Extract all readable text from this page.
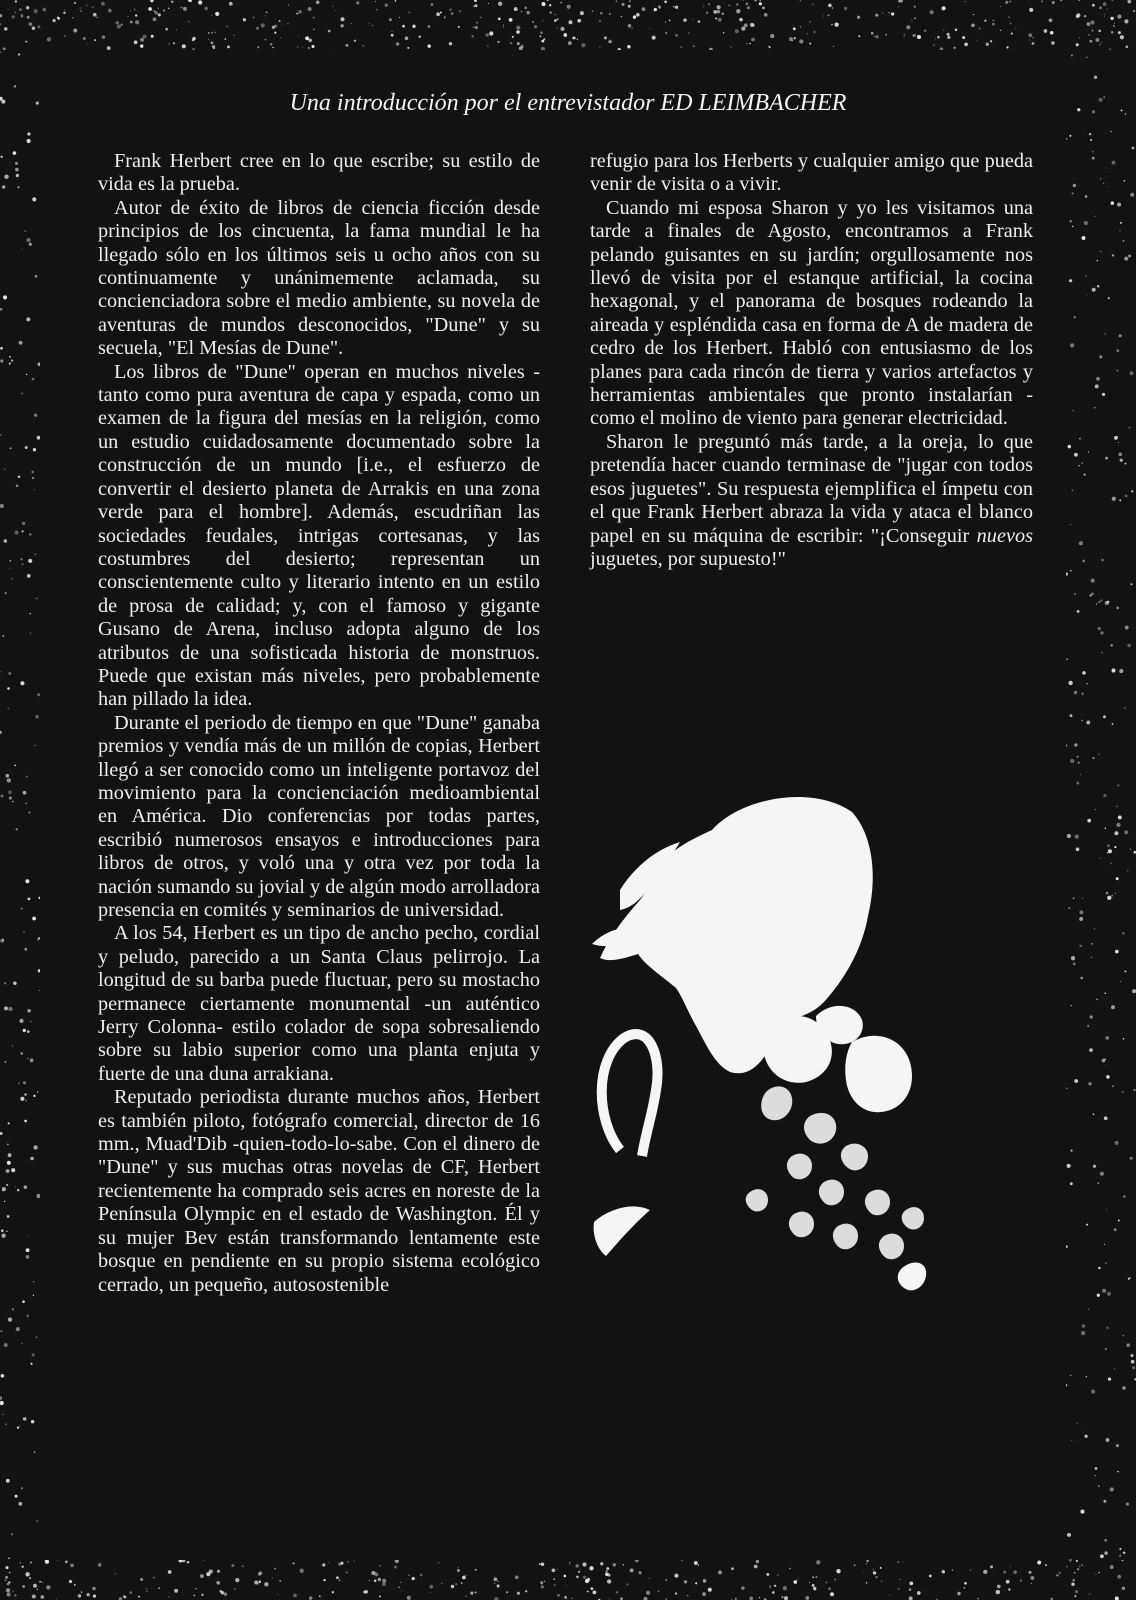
Una introducción por el entrevistador ED LEIMBACHER

Frank Herbert cree en lo que escribe; su estilo de vida es la prueba.

Autor de éxito de libros de ciencia ficción desde principios de los cincuenta, la fama mundial le ha llegado sólo en los últimos seis u ocho años con su continuamente y unánimemente aclamada, su concienciadora sobre el medio ambiente, su novela de aventuras de mundos desconocidos, "Dune" y su secuela, "El Mesías de Dune".

Los libros de "Dune" operan en muchos niveles -tanto como pura aventura de capa y espada, como un examen de la figura del mesías en la religión, como un estudio cuidadosamente documentado sobre la construcción de un mundo [i.e., el esfuerzo de convertir el desierto planeta de Arrakis en una zona verde para el hombre]. Además, escudriñan las sociedades feudales, intrigas cortesanas, y las costumbres del desierto; representan un conscientemente culto y literario intento en un estilo de prosa de calidad; y, con el famoso y gigante Gusano de Arena, incluso adopta alguno de los atributos de una sofisticada historia de monstruos. Puede que existan más niveles, pero probablemente han pillado la idea.

Durante el periodo de tiempo en que "Dune" ganaba premios y vendía más de un millón de copias, Herbert llegó a ser conocido como un inteligente portavoz del movimiento para la concienciación medioambiental en América. Dio conferencias por todas partes, escribió numerosos ensayos e introducciones para libros de otros, y voló una y otra vez por toda la nación sumando su jovial y de algún modo arrolladora presencia en comités y seminarios de universidad.

A los 54, Herbert es un tipo de ancho pecho, cordial y peludo, parecido a un Santa Claus pelirrojo. La longitud de su barba puede fluctuar, pero su mostacho permanece ciertamente monumental -un auténtico Jerry Colonna- estilo colador de sopa sobresaliendo sobre su labio superior como una planta enjuta y fuerte de una duna arrakiana.

Reputado periodista durante muchos años, Herbert es también piloto, fotógrafo comercial, director de 16 mm., Muad'Dib -quien-todo-lo-sabe. Con el dinero de "Dune" y sus muchas otras novelas de CF, Herbert recientemente ha comprado seis acres en noreste de la Península Olympic en el estado de Washington. Él y su mujer Bev están transformando lentamente este bosque en pendiente en su propio sistema ecológico cerrado, un pequeño, autosostenible

refugio para los Herberts y cualquier amigo que pueda venir de visita o a vivir.

Cuando mi esposa Sharon y yo les visitamos una tarde a finales de Agosto, encontramos a Frank pelando guisantes en su jardín; orgullosamente nos llevó de visita por el estanque artificial, la cocina hexagonal, y el panorama de bosques rodeando la aireada y espléndida casa en forma de A de madera de cedro de los Herbert. Habló con entusiasmo de los planes para cada rincón de tierra y varios artefactos y herramientas ambientales que pronto instalarían -como el molino de viento para generar electricidad.

Sharon le preguntó más tarde, a la oreja, lo que pretendía hacer cuando terminase de "jugar con todos esos juguetes". Su respuesta ejemplifica el ímpetu con el que Frank Herbert abraza la vida y ataca el blanco papel en su máquina de escribir: "¡Conseguir nuevos juguetes, por supuesto!"
